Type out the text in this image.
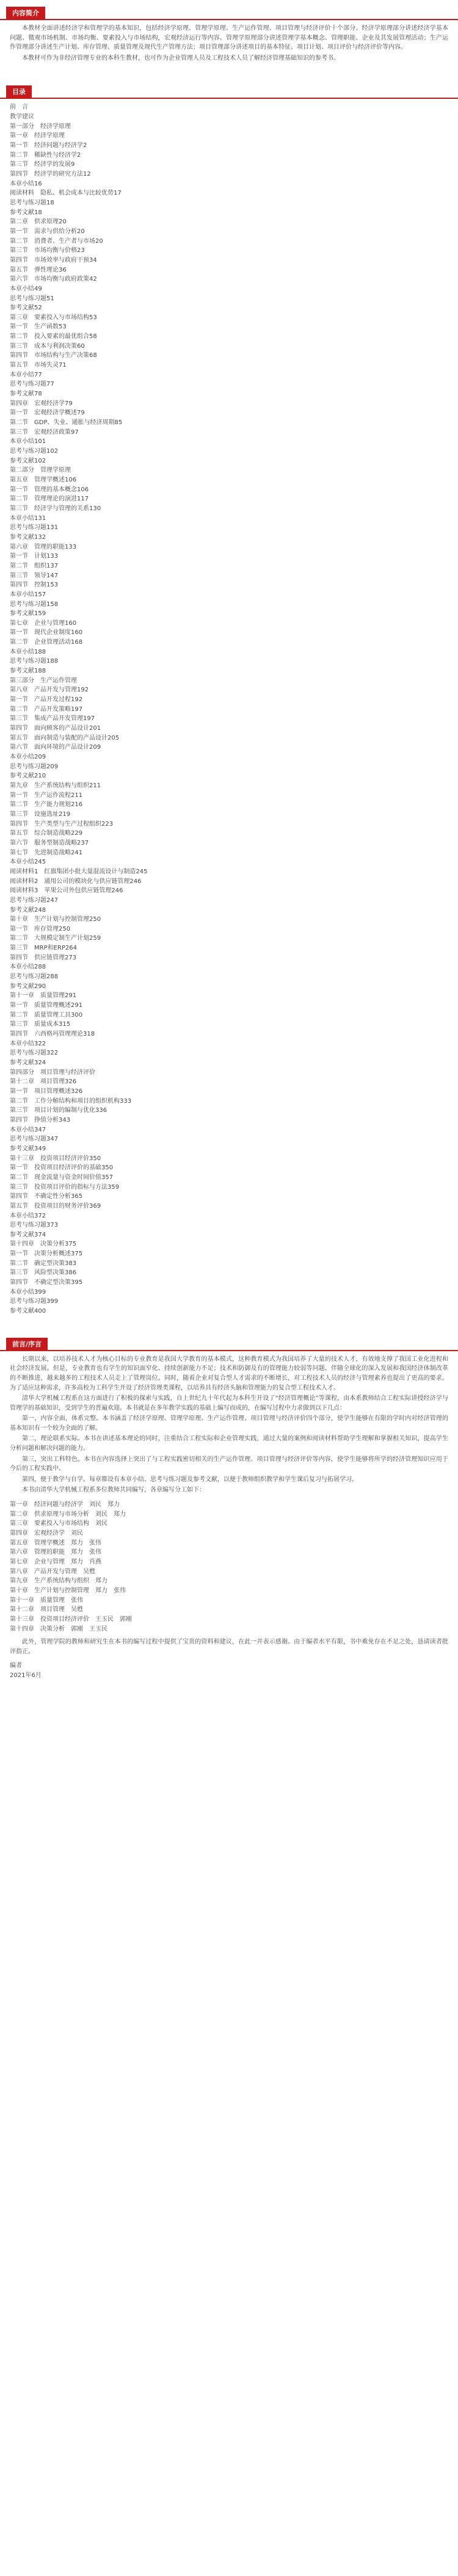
内容简介

本教材全面讲述经济学和管理学的基本知识，包括经济学原理、管理学原理、生产运作管理、项目管理与经济评价十个部分。经济学原理部分讲述经济学基本问题、微观市场机制、市场均衡、要素投入与市场结构，宏观经济运行等内容。管理学原理部分讲述管理学基本概念、管理职能、企业及其发展管理活动；生产运作管理部分讲述生产计划、库存管理、质量管理及现代生产管理方法；项目管理部分讲述项目的基本特征、项目计划、项目评价与经济评价等内容。

本教材可作为非经济管理专业的本科生教材，也可作为企业管理人员及工程技术人员了解经济管理基础知识的参考书。

目录
前　言
教学建议
第一部分　经济学原理
第一章　经济学原理
第一节　经济问题与经济学2
第二节　稀缺性与经济学2
第三节　经济学的发展9
第四节　经济学的研究方法12
本章小结16
阅读材料　隐私、机会成本与比较优势17
思考与练习题18
参考文献18
第二章　供求原理20
第一节　需求与供给分析20
第二节　消费者、生产者与市场20
第三节　市场均衡与价格23
第四节　市场效率与政府干预34
第五节　弹性理论36
第六节　市场均衡与政府政策42
本章小结49
思考与练习题51
参考文献52
第三章　要素投入与市场结构53
第一节　生产函数53
第二节　投入要素的最优组合58
第三节　成本与利润决策60
第四节　市场结构与生产决策68
第五节　市场失灵71
本章小结77
思考与练习题77
参考文献78
第四章　宏观经济学79
第一节　宏观经济学概述79
第二节　GDP、失业、通胀与经济周期85
第三节　宏观经济政策97
本章小结101
思考与练习题102
参考文献102
第二部分　管理学原理
第五章　管理学概述106
第一节　管理的基本概念106
第二节　管理理论的演进117
第三节　经济学与管理的关系130
本章小结131
思考与练习题131
参考文献132
第六章　管理的职能133
第一节　计划133
第二节　组织137
第三节　领导147
第四节　控制153
本章小结157
思考与练习题158
参考文献159
第七章　企业与管理160
第一节　现代企业制度160
第二节　企业管理活动168
本章小结188
思考与练习题188
参考文献188
第三部分　生产运作管理
第八章　产品开发与管理192
第一节　产品开发过程192
第二节　产品开发策略197
第三节　集成产品开发管理197
第四节　面向顾客的产品设计201
第五节　面向制造与装配的产品设计205
第六节　面向环境的产品设计209
本章小结209
思考与练习题209
参考文献210
第九章　生产系统结构与组织211
第一节　生产运作流程211
第二节　生产能力规划216
第三节　设施选址219
第四节　生产类型与生产过程组织223
第五节　综合制造战略229
第六节　服务型制造战略237
第七节　先进制造战略241
本章小结245
阅读材料1　红旗集团小批大量混流设计与制造245
阅读材料2　通用公司的模块化与供应链管理246
阅读材料3　苹果公司外包供应链管理246
思考与练习题247
参考文献248
第十章　生产计划与控制管理250
第一节　库存管理250
第二节　大规模定制生产计划259
第三节　MRP和ERP264
第四节　供应链管理273
本章小结288
思考与练习题288
参考文献290
第十一章　质量管理291
第一节　质量管理概述291
第二节　质量管理工具300
第三节　质量成本315
第四节　六西格玛管理理论318
本章小结322
思考与练习题322
参考文献324
第四部分　项目管理与经济评价
第十二章　项目管理326
第一节　项目管理概述326
第二节　工作分解结构和项目的组织机构333
第三节　项目计划的编制与优化336
第四节　挣值分析343
本章小结347
思考与练习题347
参考文献349
第十三章　投资项目经济评价350
第一节　投资项目经济评价的基础350
第二节　现金流量与资金时间价值357
第三节　投资项目评价的指标与方法359
第四节　不确定性分析365
第五节　投资项目的财务评价369
本章小结372
思考与练习题373
参考文献374
第十四章　决策分析375
第一节　决策分析概述375
第二节　确定型决策383
第三节　风险型决策386
第四节　不确定型决策395
本章小结399
思考与练习题399
参考文献400
前言/序言

长期以来，以培养技术人才为核心目标的专业教育是我国大学教育的基本模式，这种教育模式为我国培养了大量的技术人才，有效地支撑了我国工业化进程和社会经济发展。但是，专业教育也有学生的知识面窄化、持续创新能力不足；技术和防御及有的管理能力较弱等问题。伴随全球化的深入发展和我国经济体制改革的不断推进，越来越多的工程技术人员走上了管理岗位。同时，随着企业对复合型人才需求的不断增长，对工程技术人员的经济与管理素养也提出了更高的要求。为了适应这种需求，许多高校为工科学生开设了经济管理类课程，以培养具有经济头脑和管理能力的复合型工程技术人才。

清华大学机械工程系在这方面进行了积极的探索与实践，自上世纪九十年代起为本科生开设了“经济管理概论”等课程，由本系教师结合工程实际讲授经济学与管理学的基础知识，受到学生的普遍欢迎。本书就是在多年教学实践的基础上编写而成的，在编写过程中力求做到以下几点：

第一，内容全面，体系完整。本书涵盖了经济学原理、管理学原理、生产运作管理、项目管理与经济评价四个部分，使学生能够在有限的学时内对经济管理的基本知识有一个较为全面的了解。

第二，理论联系实际。本书在讲述基本理论的同时，注重结合工程实际和企业管理实践，通过大量的案例和阅读材料帮助学生理解和掌握相关知识，提高学生分析问题和解决问题的能力。

第三，突出工科特色。本书在内容选择上突出了与工程实践密切相关的生产运作管理、项目管理与经济评价等内容，使学生能够将所学的经济管理知识应用于今后的工程实践中。

第四，便于教学与自学。每章都设有本章小结、思考与练习题及参考文献，以便于教师组织教学和学生课后复习与拓展学习。

本书由清华大学机械工程系多位教师共同编写，各章编写分工如下：

第一章　经济问题与经济学　刘民　郑力
第二章　供求原理与市场分析　刘民　郑力
第三章　要素投入与市场结构　刘民
第四章　宏观经济学　刘民
第五章　管理学概述　郑力　张伟
第六章　管理的职能　郑力　张伟
第七章　企业与管理　郑力　肖燕
第八章　产品开发与管理　吴甦
第九章　生产系统结构与组织　郑力
第十章　生产计划与控制管理　郑力　张伟
第十一章　质量管理　张伟
第十二章　项目管理　吴甦
第十三章　投资项目经济评价　王玉民　郭刚
第十四章　决策分析　郭刚　王玉民

此外，管理学院的教师和研究生在本书的编写过程中提供了宝贵的资料和建议，在此一并表示感谢。由于编者水平有限，书中难免存在不足之处，恳请读者批评指正。

编者
2021年6月
